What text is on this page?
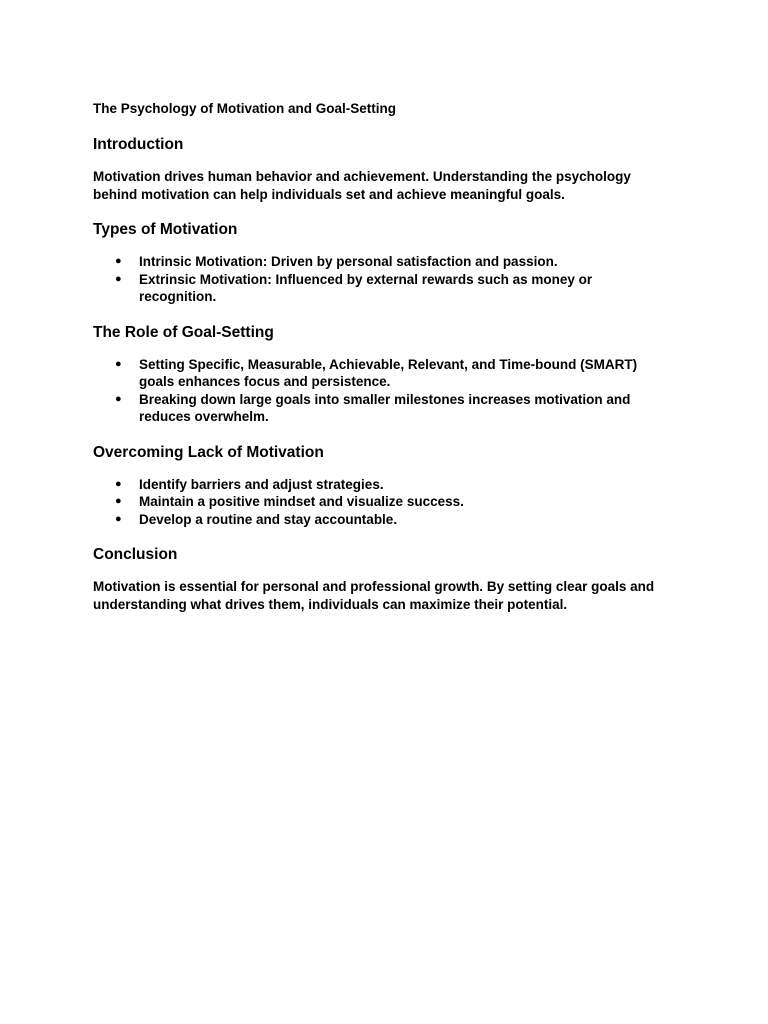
The Psychology of Motivation and Goal-Setting

Introduction

Motivation drives human behavior and achievement. Understanding the psychology behind motivation can help individuals set and achieve meaningful goals.

Types of Motivation
● Intrinsic Motivation: Driven by personal satisfaction and passion.
● Extrinsic Motivation: Influenced by external rewards such as money or recognition.
The Role of Goal-Setting
● Setting Specific, Measurable, Achievable, Relevant, and Time-bound (SMART) goals enhances focus and persistence.
● Breaking down large goals into smaller milestones increases motivation and reduces overwhelm.
Overcoming Lack of Motivation
● Identify barriers and adjust strategies.
● Maintain a positive mindset and visualize success.
● Develop a routine and stay accountable.
Conclusion

Motivation is essential for personal and professional growth. By setting clear goals and understanding what drives them, individuals can maximize their potential.
